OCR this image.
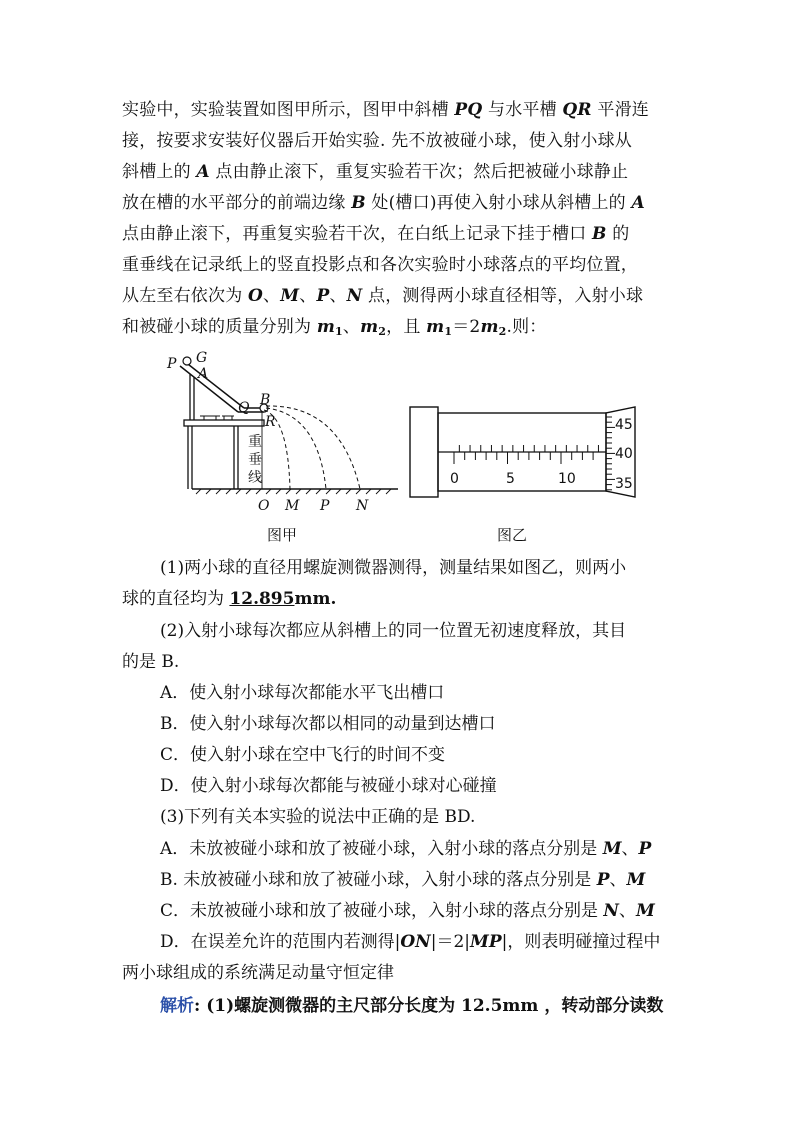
实验中，实验装置如图甲所示，图甲中斜槽 PQ 与水平槽 QR 平滑连
接，按要求安装好仪器后开始实验. 先不放被碰小球，使入射小球从
斜槽上的 A 点由静止滚下，重复实验若干次；然后把被碰小球静止
放在槽的水平部分的前端边缘 B 处(槽口)再使入射小球从斜槽上的 A
点由静止滚下，再重复实验若干次，在白纸上记录下挂于槽口 B 的
重垂线在记录纸上的竖直投影点和各次实验时小球落点的平均位置，
从左至右依次为 O、M、P、N 点，测得两小球直径相等，入射小球
和被碰小球的质量分别为 $m_1$、$m_2$，且 $m_1=2m_2$.则：
P G
A
Q B
R
重
垂
线
O M P N
图甲
0	5	10
45
40
35
图乙
(1)两小球的直径用螺旋测微器测得，测量结果如图乙，则两小
球的直径均为 12.895mm.
(2)入射小球每次都应从斜槽上的同一位置无初速度释放，其目
的是 B.
A．使入射小球每次都能水平飞出槽口
B．使入射小球每次都以相同的动量到达槽口
C．使入射小球在空中飞行的时间不变
D．使入射小球每次都能与被碰小球对心碰撞
(3)下列有关本实验的说法中正确的是 BD.
A．未放被碰小球和放了被碰小球，入射小球的落点分别是 M、P
B. 未放被碰小球和放了被碰小球，入射小球的落点分别是 P、M
C．未放被碰小球和放了被碰小球，入射小球的落点分别是 N、M
D．在误差允许的范围内若测得|ON|＝2|MP|，则表明碰撞过程中
两小球组成的系统满足动量守恒定律
解析: (1)螺旋测微器的主尺部分长度为 12.5mm ，转动部分读数
